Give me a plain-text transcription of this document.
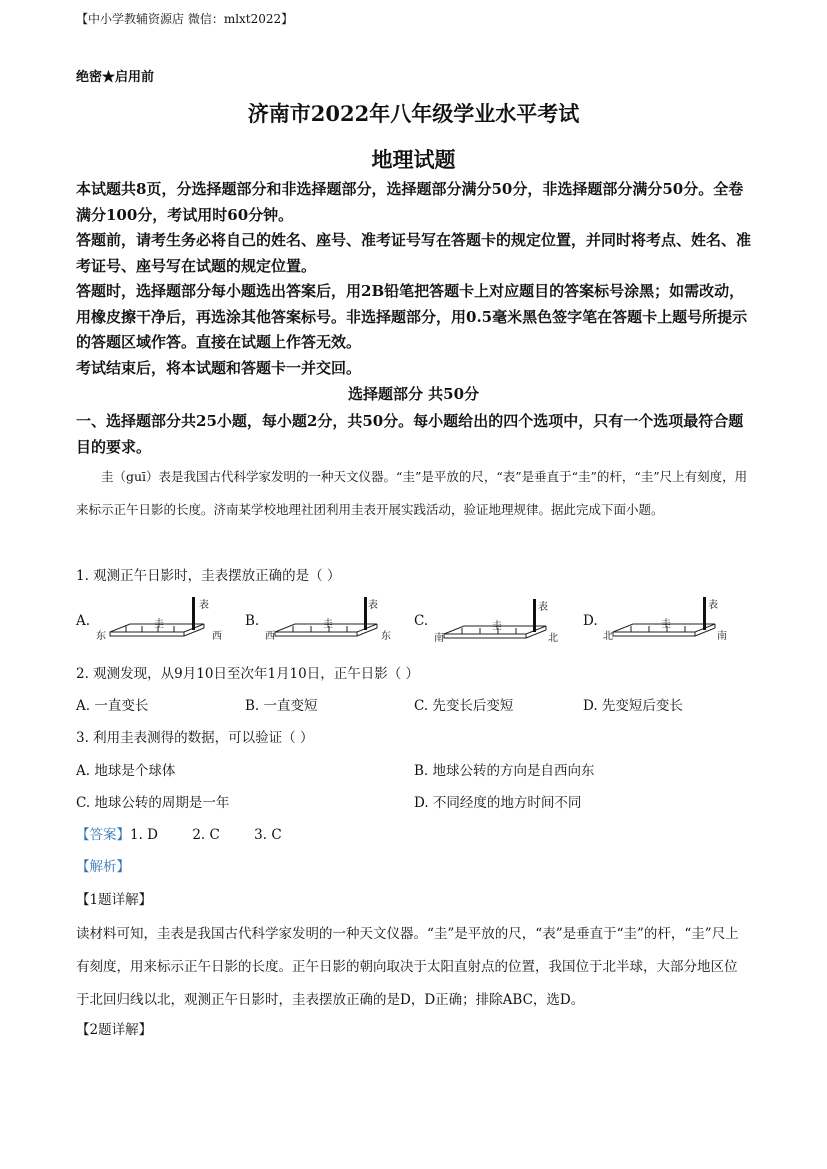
【中小学教辅资源店 微信：mlxt2022】
绝密★启用前
济南市2022年八年级学业水平考试
地理试题

本试题共8页，分选择题部分和非选择题部分，选择题部分满分50分，非选择题部分满分50分。全卷满分100分，考试用时60分钟。

答题前，请考生务必将自己的姓名、座号、准考证号写在答题卡的规定位置，并同时将考点、姓名、准考证号、座号写在试题的规定位置。

答题时，选择题部分每小题选出答案后，用2B铅笔把答题卡上对应题目的答案标号涂黑；如需改动，用橡皮擦干净后，再选涂其他答案标号。非选择题部分，用0.5毫米黑色签字笔在答题卡上题号所提示的答题区域作答。直接在试题上作答无效。

考试结束后，将本试题和答题卡一并交回。

选择题部分 共50分
一、选择题部分共25小题，每小题2分，共50分。每小题给出的四个选项中，只有一个选项最符合题目的要求。
圭（guī）表是我国古代科学家发明的一种天文仪器。“圭”是平放的尺，“表”是垂直于“圭”的杆，“圭”尺上有刻度，用来标示正午日影的长度。济南某学校地理社团利用圭表开展实践活动，验证地理规律。据此完成下面小题。
1. 观测正午日影时，圭表摆放正确的是（ ）
A.	B.	C.	D.
东	西
圭
表
西	东
圭
表
南	北
圭
表
北	南
圭
表
2. 观测发现，从9月10日至次年1月10日，正午日影（ ）
A. 一直变长	B. 一直变短	C. 先变长后变短	D. 先变短后变长
3. 利用圭表测得的数据，可以验证（ ）
A. 地球是个球体	B. 地球公转的方向是自西向东
C. 地球公转的周期是一年	D. 不同经度的地方时间不同
【答案】1. D        2. C        3. C
【解析】
【1题详解】
读材料可知，圭表是我国古代科学家发明的一种天文仪器。“圭”是平放的尺，“表”是垂直于“圭”的杆，“圭”尺上有刻度，用来标示正午日影的长度。正午日影的朝向取决于太阳直射点的位置，我国位于北半球，大部分地区位于北回归线以北，观测正午日影时，圭表摆放正确的是D，D正确；排除ABC，选D。
【2题详解】
